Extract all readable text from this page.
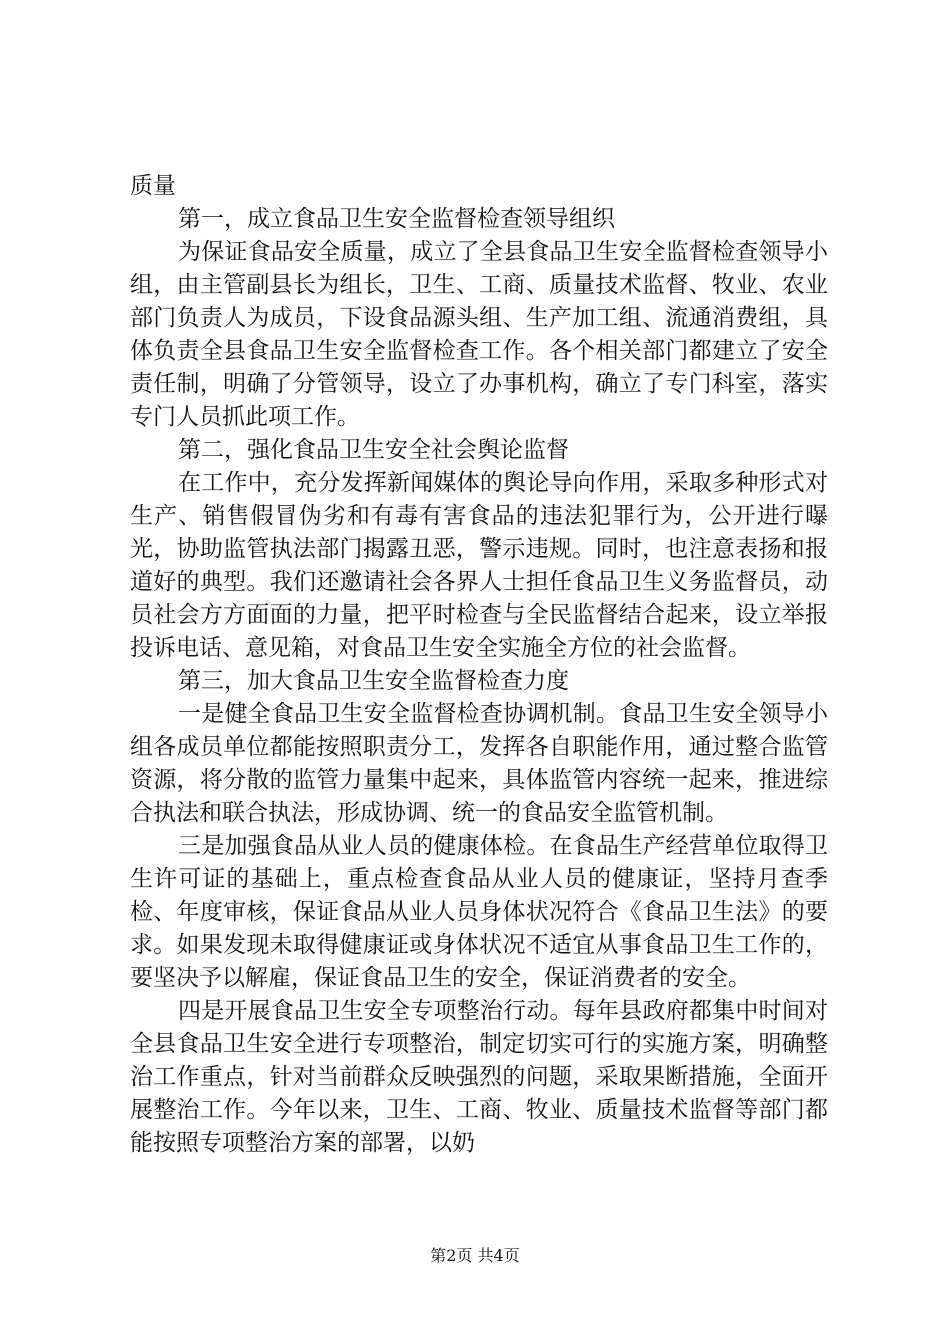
质量

第一，成立食品卫生安全监督检查领导组织

为保证食品安全质量，成立了全县食品卫生安全监督检查领导小组，由主管副县长为组长，卫生、工商、质量技术监督、牧业、农业部门负责人为成员，下设食品源头组、生产加工组、流通消费组，具体负责全县食品卫生安全监督检查工作。各个相关部门都建立了安全责任制，明确了分管领导，设立了办事机构，确立了专门科室，落实专门人员抓此项工作。

第二，强化食品卫生安全社会舆论监督

在工作中，充分发挥新闻媒体的舆论导向作用，采取多种形式对生产、销售假冒伪劣和有毒有害食品的违法犯罪行为，公开进行曝光，协助监管执法部门揭露丑恶，警示违规。同时，也注意表扬和报道好的典型。我们还邀请社会各界人士担任食品卫生义务监督员，动员社会方方面面的力量，把平时检查与全民监督结合起来，设立举报投诉电话、意见箱，对食品卫生安全实施全方位的社会监督。

第三，加大食品卫生安全监督检查力度

一是健全食品卫生安全监督检查协调机制。食品卫生安全领导小组各成员单位都能按照职责分工，发挥各自职能作用，通过整合监管资源，将分散的监管力量集中起来，具体监管内容统一起来，推进综合执法和联合执法，形成协调、统一的食品安全监管机制。

三是加强食品从业人员的健康体检。在食品生产经营单位取得卫生许可证的基础上，重点检查食品从业人员的健康证，坚持月查季检、年度审核，保证食品从业人员身体状况符合《食品卫生法》的要求。如果发现未取得健康证或身体状况不适宜从事食品卫生工作的，要坚决予以解雇，保证食品卫生的安全，保证消费者的安全。

四是开展食品卫生安全专项整治行动。每年县政府都集中时间对全县食品卫生安全进行专项整治，制定切实可行的实施方案，明确整治工作重点，针对当前群众反映强烈的问题，采取果断措施，全面开展整治工作。今年以来，卫生、工商、牧业、质量技术监督等部门都能按照专项整治方案的部署，以奶

第2页 共4页
